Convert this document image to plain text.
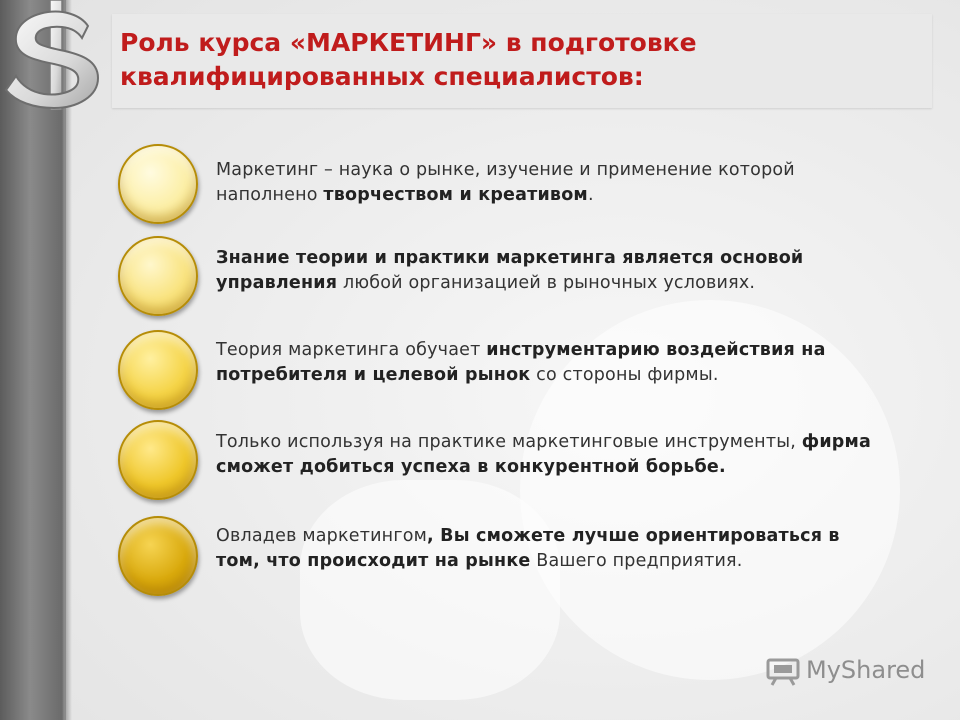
Роль курса «МАРКЕТИНГ» в подготовке квалифицированных специалистов:
Маркетинг – наука о рынке, изучение и применение которой наполнено творчеством и креативом.
Знание теории и практики маркетинга является основой управления любой организацией в рыночных условиях.
Теория маркетинга обучает инструментарию воздействия на потребителя и целевой рынок со стороны фирмы.
Только используя на практике маркетинговые инструменты, фирма сможет добиться успеха в конкурентной борьбе.
Овладев маркетингом, Вы сможете лучше ориентироваться в том, что происходит на рынке Вашего предприятия.
MyShared
